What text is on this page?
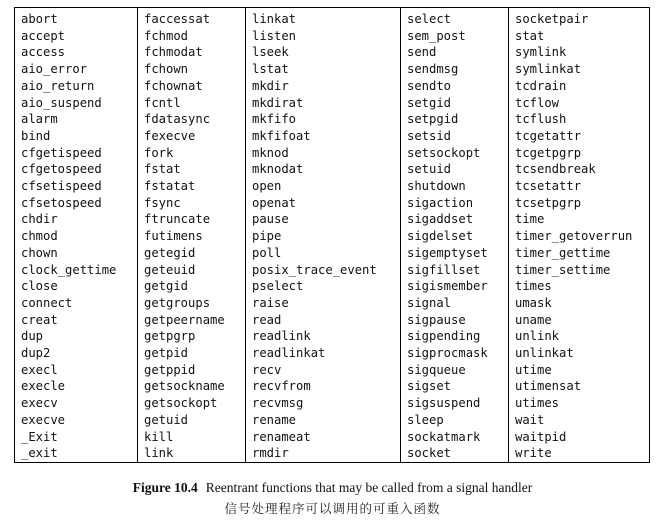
abort
accept
access
aio_error
aio_return
aio_suspend
alarm
bind
cfgetispeed
cfgetospeed
cfsetispeed
cfsetospeed
chdir
chmod
chown
clock_gettime
close
connect
creat
dup
dup2
execl
execle
execv
execve
_Exit
_exit
faccessat
fchmod
fchmodat
fchown
fchownat
fcntl
fdatasync
fexecve
fork
fstat
fstatat
fsync
ftruncate
futimens
getegid
geteuid
getgid
getgroups
getpeername
getpgrp
getpid
getppid
getsockname
getsockopt
getuid
kill
link
linkat
listen
lseek
lstat
mkdir
mkdirat
mkfifo
mkfifoat
mknod
mknodat
open
openat
pause
pipe
poll
posix_trace_event
pselect
raise
read
readlink
readlinkat
recv
recvfrom
recvmsg
rename
renameat
rmdir
select
sem_post
send
sendmsg
sendto
setgid
setpgid
setsid
setsockopt
setuid
shutdown
sigaction
sigaddset
sigdelset
sigemptyset
sigfillset
sigismember
signal
sigpause
sigpending
sigprocmask
sigqueue
sigset
sigsuspend
sleep
sockatmark
socket
socketpair
stat
symlink
symlinkat
tcdrain
tcflow
tcflush
tcgetattr
tcgetpgrp
tcsendbreak
tcsetattr
tcsetpgrp
time
timer_getoverrun
timer_gettime
timer_settime
times
umask
uname
unlink
unlinkat
utime
utimensat
utimes
wait
waitpid
write
Figure 10.4 Reentrant functions that may be called from a signal handler
信号处理程序可以调用的可重入函数
